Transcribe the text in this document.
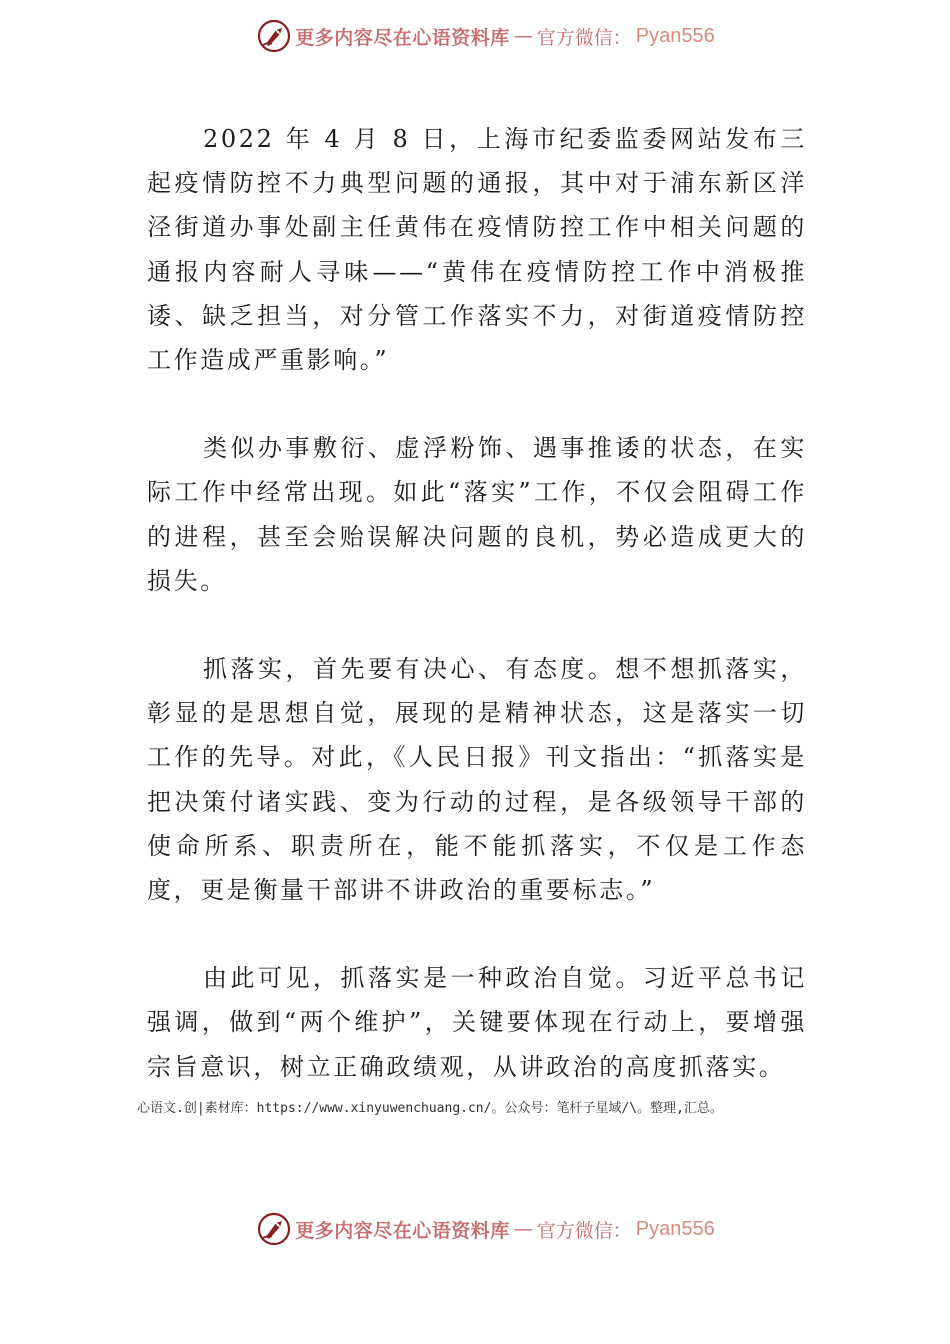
更多内容尽在心语资料库 — 官方微信： Pyan556

2022 年 4 月 8 日，上海市纪委监委网站发布三起疫情防控不力典型问题的通报，其中对于浦东新区洋泾街道办事处副主任黄伟在疫情防控工作中相关问题的通报内容耐人寻味——“黄伟在疫情防控工作中消极推诿、缺乏担当，对分管工作落实不力，对街道疫情防控工作造成严重影响。”

类似办事敷衍、虚浮粉饰、遇事推诿的状态，在实际工作中经常出现。如此“落实”工作，不仅会阻碍工作的进程，甚至会贻误解决问题的良机，势必造成更大的损失。

抓落实，首先要有决心、有态度。想不想抓落实，彰显的是思想自觉，展现的是精神状态，这是落实一切工作的先导。对此，《人民日报》刊文指出：“抓落实是把决策付诸实践、变为行动的过程，是各级领导干部的使命所系、职责所在，能不能抓落实，不仅是工作态度，更是衡量干部讲不讲政治的重要标志。”

由此可见，抓落实是一种政治自觉。习近平总书记强调，做到“两个维护”，关键要体现在行动上，要增强宗旨意识，树立正确政绩观，从讲政治的高度抓落实。

心语文.创|素材库：https://www.xinyuwenchuang.cn/。公众号：笔杆子星域/\。整理,汇总。

更多内容尽在心语资料库 — 官方微信： Pyan556
